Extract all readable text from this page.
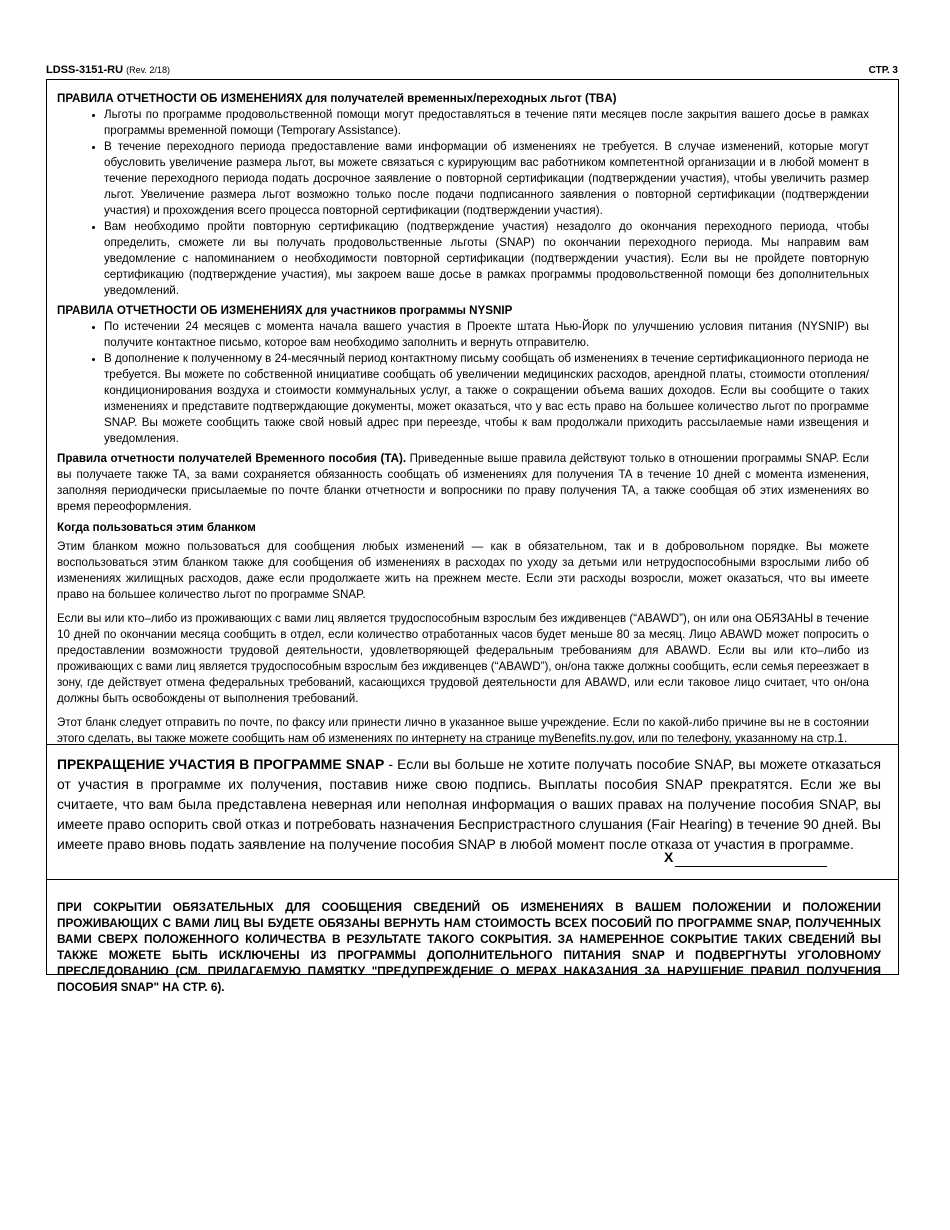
LDSS-3151-RU (Rev. 2/18)	СТР. 3
ПРАВИЛА ОТЧЕТНОСТИ ОБ ИЗМЕНЕНИЯХ для получателей временных/переходных льгот (TBA)
• Льготы по программе продовольственной помощи могут предоставляться в течение пяти месяцев после закрытия вашего досье в рамках программы временной помощи (Temporary Assistance).
• В течение переходного периода предоставление вами информации об изменениях не требуется. В случае изменений, которые могут обусловить увеличение размера льгот, вы можете связаться с курирующим вас работником компетентной организации и в любой момент в течение переходного периода подать досрочное заявление о повторной сертификации (подтверждении участия), чтобы увеличить размер льгот. Увеличение размера льгот возможно только после подачи подписанного заявления о повторной сертификации (подтверждении участия) и прохождения всего процесса повторной сертификации (подтверждении участия).
• Вам необходимо пройти повторную сертификацию (подтверждение участия) незадолго до окончания переходного периода, чтобы определить, сможете ли вы получать продовольственные льготы (SNAP) по окончании переходного периода. Мы направим вам уведомление с напоминанием о необходимости повторной сертификации (подтверждении участия). Если вы не пройдете повторную сертификацию (подтверждение участия), мы закроем ваше досье в рамках программы продовольственной помощи без дополнительных уведомлений.
ПРАВИЛА ОТЧЕТНОСТИ ОБ ИЗМЕНЕНИЯХ для участников программы NYSNIP
• По истечении 24 месяцев с момента начала вашего участия в Проекте штата Нью-Йорк по улучшению условия питания (NYSNIP) вы получите контактное письмо, которое вам необходимо заполнить и вернуть отправителю.
• В дополнение к полученному в 24-месячный период контактному письму сообщать об изменениях в течение сертификационного периода не требуется. Вы можете по собственной инициативе сообщать об увеличении медицинских расходов, арендной платы, стоимости отопления/кондиционирования воздуха и стоимости коммунальных услуг, а также о сокращении объема ваших доходов. Если вы сообщите о таких изменениях и представите подтверждающие документы, может оказаться, что у вас есть право на большее количество льгот по программе SNAP. Вы можете сообщить также свой новый адрес при переезде, чтобы к вам продолжали приходить рассылаемые нами извещения и уведомления.

Правила отчетности получателей Временного пособия (TA). Приведенные выше правила действуют только в отношении программы SNAP. Если вы получаете также TA, за вами сохраняется обязанность сообщать об изменениях для получения TA в течение 10 дней с момента изменения, заполняя периодически присылаемые по почте бланки отчетности и вопросники по праву получения TA, а также сообщая об этих изменениях во время переоформления.

Когда пользоваться этим бланком

Этим бланком можно пользоваться для сообщения любых изменений — как в обязательном, так и в добровольном порядке. Вы можете воспользоваться этим бланком также для сообщения об изменениях в расходах по уходу за детьми или нетрудоспособными взрослыми либо об изменениях жилищных расходов, даже если продолжаете жить на прежнем месте. Если эти расходы возросли, может оказаться, что вы имеете право на большее количество льгот по программе SNAP.

Если вы или кто–либо из проживающих с вами лиц является трудоспособным взрослым без иждивенцев (“ABAWD”), он или она ОБЯЗАНЫ в течение 10 дней по окончании месяца сообщить в отдел, если количество отработанных часов будет меньше 80 за месяц. Лицо ABAWD может попросить о предоставлении возможности трудовой деятельности, удовлетворяющей федеральным требованиям для ABAWD. Если вы или кто–либо из проживающих с вами лиц является трудоспособным взрослым без иждивенцев (“ABAWD”), он/она также должны сообщить, если семья переезжает в зону, где действует отмена федеральных требований, касающихся трудовой деятельности для ABAWD, или если таковое лицо считает, что он/она должны быть освобождены от выполнения требований.

Этот бланк следует отправить по почте, по факсу или принести лично в указанное выше учреждение. Если по какой-либо причине вы не в состоянии этого сделать, вы также можете сообщить нам об изменениях по интернету на странице myBenefits.ny.gov, или по телефону, указанному на стр.1.

ПРЕКРАЩЕНИЕ УЧАСТИЯ В ПРОГРАММЕ SNAP - Если вы больше не хотите получать пособие SNAP, вы можете отказаться от участия в программе их получения, поставив ниже свою подпись. Выплаты пособия SNAP прекратятся. Если же вы считаете, что вам была представлена неверная или неполная информация о ваших правах на получение пособия SNAP, вы имеете право оспорить свой отказ и потребовать назначения Беспристрастного слушания (Fair Hearing) в течение 90 дней. Вы имеете право вновь подать заявление на получение пособия SNAP в любой момент после отказа от участия в программе.

X

ПРИ СОКРЫТИИ ОБЯЗАТЕЛЬНЫХ ДЛЯ СООБЩЕНИЯ СВЕДЕНИЙ ОБ ИЗМЕНЕНИЯХ В ВАШЕМ ПОЛОЖЕНИИ И ПОЛОЖЕНИИ ПРОЖИВАЮЩИХ С ВАМИ ЛИЦ ВЫ БУДЕТЕ ОБЯЗАНЫ ВЕРНУТЬ НАМ СТОИМОСТЬ ВСЕХ ПОСОБИЙ ПО ПРОГРАММЕ SNAP, ПОЛУЧЕННЫХ ВАМИ СВЕРХ ПОЛОЖЕННОГО КОЛИЧЕСТВА В РЕЗУЛЬТАТЕ ТАКОГО СОКРЫТИЯ. ЗА НАМЕРЕННОЕ СОКРЫТИЕ ТАКИХ СВЕДЕНИЙ ВЫ ТАКЖЕ МОЖЕТЕ БЫТЬ ИСКЛЮЧЕНЫ ИЗ ПРОГРАММЫ ДОПОЛНИТЕЛЬНОГО ПИТАНИЯ SNAP И ПОДВЕРГНУТЫ УГОЛОВНОМУ ПРЕСЛЕДОВАНИЮ (СМ. ПРИЛАГАЕМУЮ ПАМЯТКУ "ПРЕДУПРЕЖДЕНИЕ О МЕРАХ НАКАЗАНИЯ ЗА НАРУШЕНИЕ ПРАВИЛ ПОЛУЧЕНИЯ ПОСОБИЯ SNAP" НА СТР. 6).
